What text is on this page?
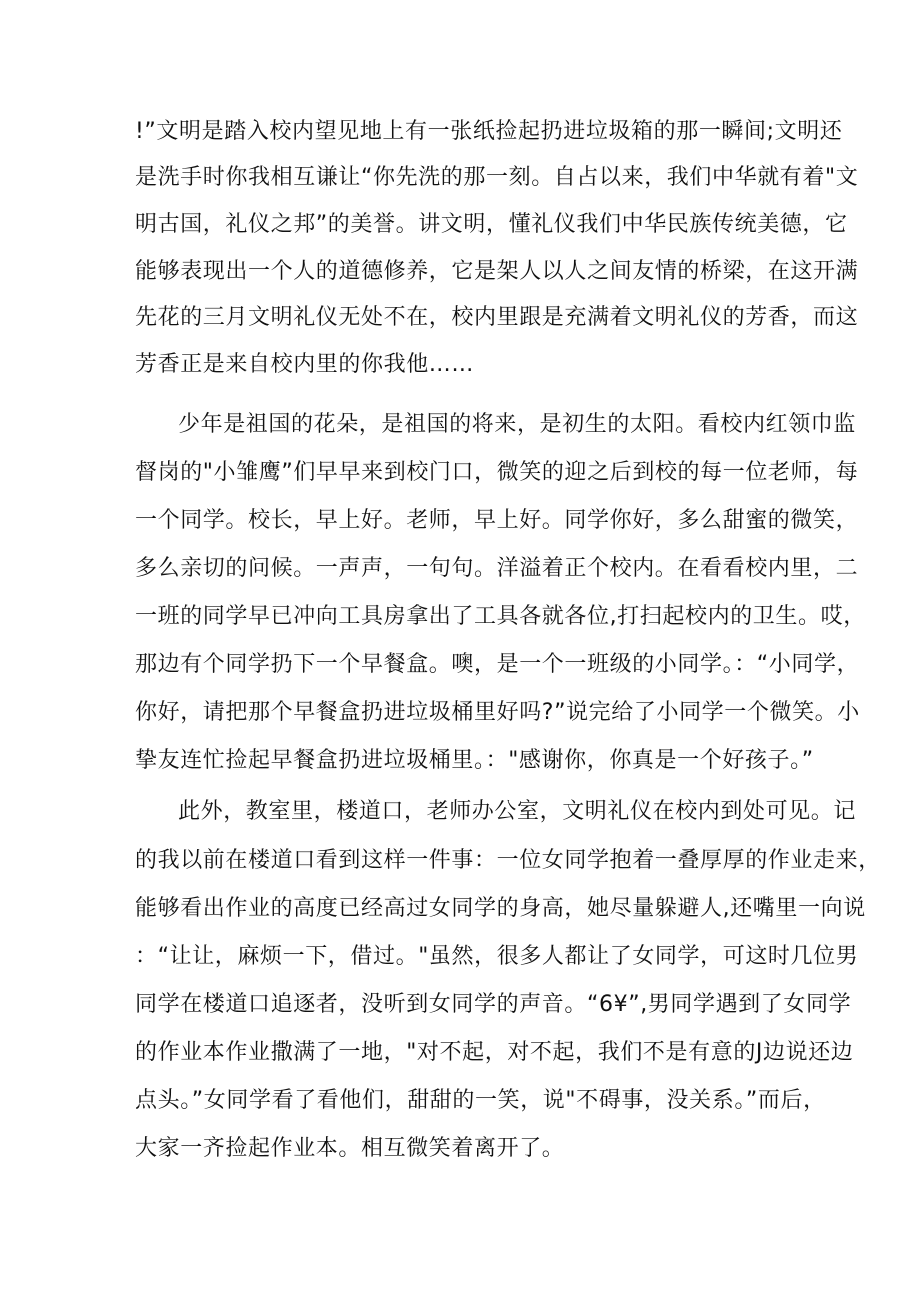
!”文明是踏入校内望见地上有一张纸捡起扔进垃圾箱的那一瞬间;文明还
是洗手时你我相互谦让“你先洗的那一刻。自占以来，我们中华就有着"文
明古国，礼仪之邦”的美誉。讲文明，懂礼仪我们中华民族传统美德，它
能够表现出一个人的道德修养，它是架人以人之间友情的桥梁，在这开满
先花的三月文明礼仪无处不在，校内里跟是充满着文明礼仪的芳香，而这
芳香正是来自校内里的你我他……
少年是祖国的花朵，是祖国的将来，是初生的太阳。看校内红领巾监
督岗的"小雏鹰”们早早来到校门口，微笑的迎之后到校的每一位老师，每
一个同学。校长，早上好。老师，早上好。同学你好，多么甜蜜的微笑，
多么亲切的问候。一声声，一句句。洋溢着正个校内。在看看校内里，二
一班的同学早已冲向工具房拿出了工具各就各位,打扫起校内的卫生。哎，
那边有个同学扔下一个早餐盒。噢，是一个一班级的小同学。：“小同学，
你好，请把那个早餐盒扔进垃圾桶里好吗?”说完给了小同学一个微笑。小
挚友连忙捡起早餐盒扔进垃圾桶里。："感谢你，你真是一个好孩子。”
此外，教室里，楼道口，老师办公室，文明礼仪在校内到处可见。记
的我以前在楼道口看到这样一件事：一位女同学抱着一叠厚厚的作业走来，
能够看出作业的高度已经高过女同学的身高，她尽量躲避人,还嘴里一向说
：“让让，麻烦一下，借过。"虽然，很多人都让了女同学，可这时几位男
同学在楼道口追逐者，没听到女同学的声音。“6¥”,男同学遇到了女同学
的作业本作业撒满了一地，"对不起，对不起，我们不是有意的J边说还边
点头。”女同学看了看他们，甜甜的一笑，说"不碍事，没关系。”而后，
大家一齐捡起作业本。相互微笑着离开了。
